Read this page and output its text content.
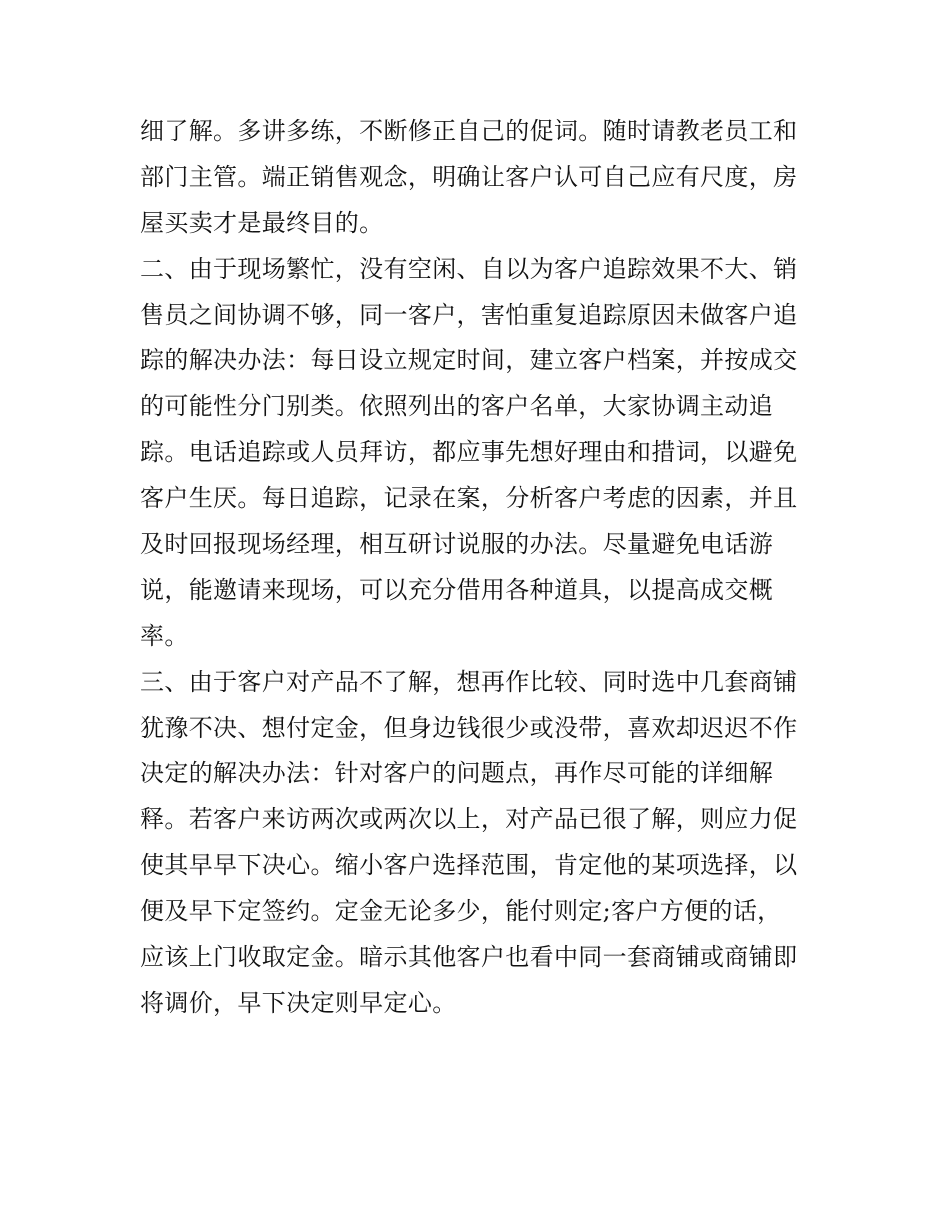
细了解。多讲多练，不断修正自己的促词。随时请教老员工和
部门主管。端正销售观念，明确让客户认可自己应有尺度，房
屋买卖才是最终目的。
二、由于现场繁忙，没有空闲、自以为客户追踪效果不大、销
售员之间协调不够，同一客户，害怕重复追踪原因未做客户追
踪的解决办法：每日设立规定时间，建立客户档案，并按成交
的可能性分门别类。依照列出的客户名单，大家协调主动追
踪。电话追踪或人员拜访，都应事先想好理由和措词，以避免
客户生厌。每日追踪，记录在案，分析客户考虑的因素，并且
及时回报现场经理，相互研讨说服的办法。尽量避免电话游
说，能邀请来现场，可以充分借用各种道具，以提高成交概
率。
三、由于客户对产品不了解，想再作比较、同时选中几套商铺
犹豫不决、想付定金，但身边钱很少或没带，喜欢却迟迟不作
决定的解决办法：针对客户的问题点，再作尽可能的详细解
释。若客户来访两次或两次以上，对产品已很了解，则应力促
使其早早下决心。缩小客户选择范围，肯定他的某项选择，以
便及早下定签约。定金无论多少，能付则定;客户方便的话，
应该上门收取定金。暗示其他客户也看中同一套商铺或商铺即
将调价，早下决定则早定心。
